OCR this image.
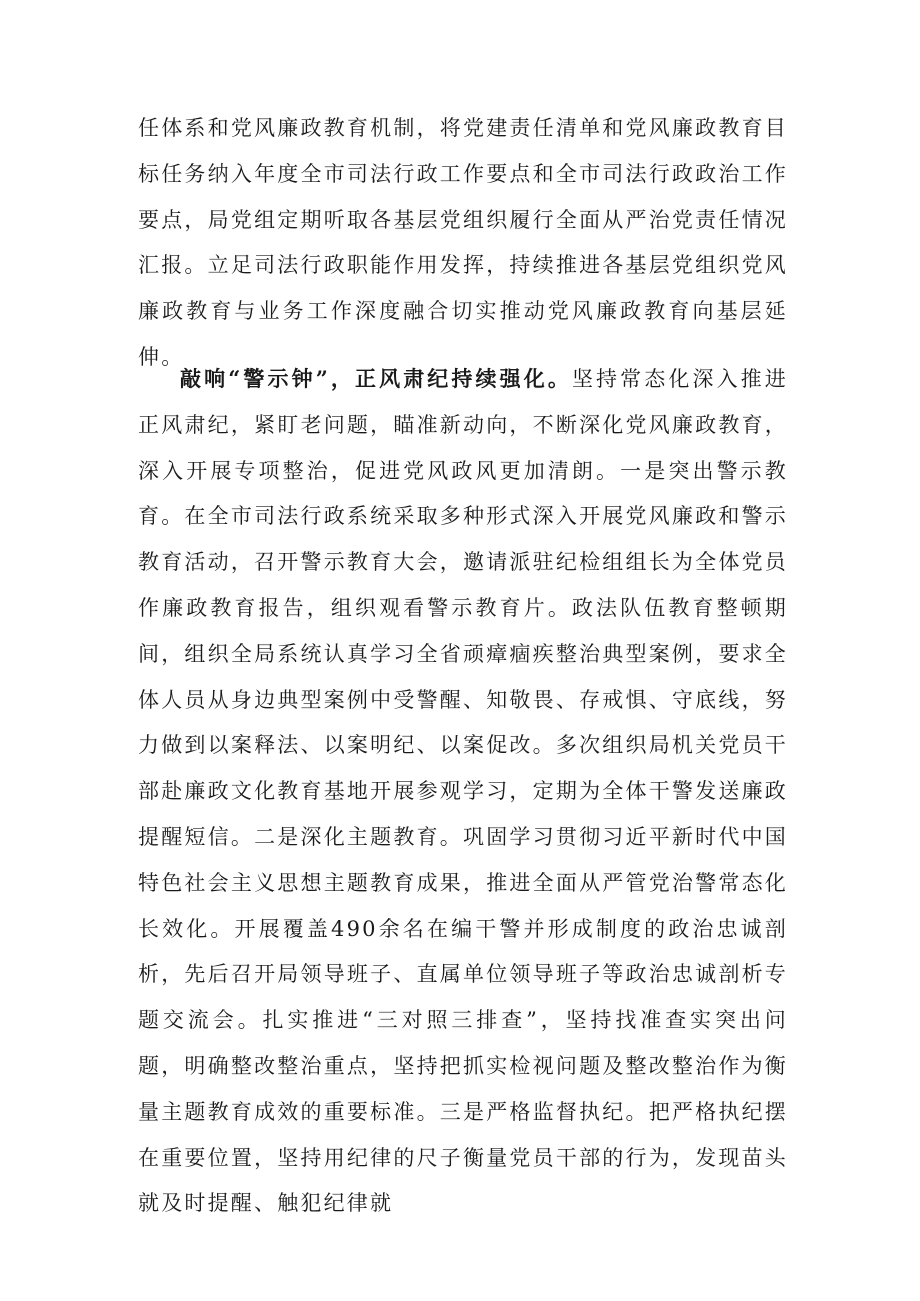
任体系和党风廉政教育机制，将党建责任清单和党风廉政教育目标任务纳入年度全市司法行政工作要点和全市司法行政政治工作要点，局党组定期听取各基层党组织履行全面从严治党责任情况汇报。立足司法行政职能作用发挥，持续推进各基层党组织党风廉政教育与业务工作深度融合切实推动党风廉政教育向基层延伸。

敲响“警示钟”，正风肃纪持续强化。坚持常态化深入推进正风肃纪，紧盯老问题，瞄准新动向，不断深化党风廉政教育，深入开展专项整治，促进党风政风更加清朗。一是突出警示教育。在全市司法行政系统采取多种形式深入开展党风廉政和警示教育活动，召开警示教育大会，邀请派驻纪检组组长为全体党员作廉政教育报告，组织观看警示教育片。政法队伍教育整顿期间，组织全局系统认真学习全省顽瘴痼疾整治典型案例，要求全体人员从身边典型案例中受警醒、知敬畏、存戒惧、守底线，努力做到以案释法、以案明纪、以案促改。多次组织局机关党员干部赴廉政文化教育基地开展参观学习，定期为全体干警发送廉政提醒短信。二是深化主题教育。巩固学习贯彻习近平新时代中国特色社会主义思想主题教育成果，推进全面从严管党治警常态化长效化。开展覆盖490余名在编干警并形成制度的政治忠诚剖析，先后召开局领导班子、直属单位领导班子等政治忠诚剖析专题交流会。扎实推进“三对照三排查”，坚持找准查实突出问题，明确整改整治重点，坚持把抓实检视问题及整改整治作为衡量主题教育成效的重要标准。三是严格监督执纪。把严格执纪摆在重要位置，坚持用纪律的尺子衡量党员干部的行为，发现苗头就及时提醒、触犯纪律就
